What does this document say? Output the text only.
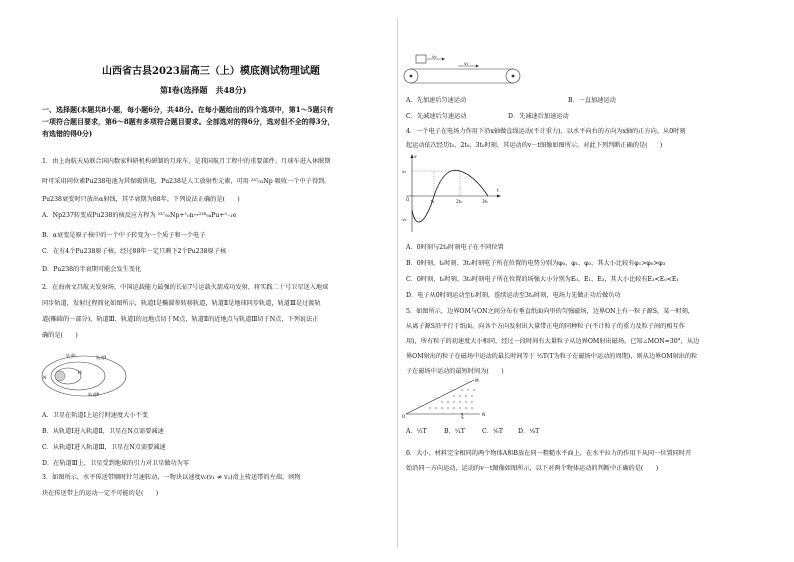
山西省古县2023届高三（上）模底测试物理试题
第Ⅰ卷(选择题　共48分)
一、选择题(本题共8小题，每小题6分，共48分。在每小题给出的四个选项中，第1～5题只有
一项符合题目要求，第6～8题有多项符合题目要求。全部选对的得6分，选对但不全的得3分，
有选错的得0分)
1．由上海航天局联合国内数家科研机构研制的月球车，是我国航月工程中的重要部件。月球车进入休眠期
时可采用同位素Pu238电池为其保暖供电，Pu238是人工放射性元素，可用 ²³⁷₉₃Np 吸收一个中子得到。
Pu238衰变时只放出α射线，其半衰期为88年，下列说法正确的是(　　)
A．Np237转变成Pu238的核反应方程为 ²³⁷₉₃Np+¹₀n→²³⁸₉₄Pu+⁰₋₁e
B．α衰变是原子核中的一个中子转变为一个质子和一个电子
C．在有4个Pu238原子核，经过88年一定只剩下2个Pu238原子核
D．Pu238的半衰期可能会发生变化
2．在海南文昌航天发射场，中国运载能力最强的长征7号运载火箭成功发射，将实践二十号卫星送入地球
同步轨道，发射过程简化如图所示，轨道Ⅰ是椭圆参转移轨道，轨道Ⅱ是地球同步轨道，轨道Ⅲ是过渡轨
道(椭圆的一部分)，轨道Ⅲ、轨道Ⅰ的远地点切于M点，轨道Ⅱ的近地点与轨道Ⅲ切于N点，下列说法正
确的是(　　)
轨道Ⅰ	轨道Ⅱ
轨道Ⅲ
M
N
A．卫星在轨道Ⅰ上运行时速度大小不变
B．从轨道Ⅰ进入轨道Ⅱ，卫星在N点需要减速
C．从轨道Ⅰ进入轨道Ⅲ，卫星在N点需要减速
D．在轨道Ⅲ上，卫星受到地球的引力对卫星做功为零
3．如图所示，水平传送带顺时针匀速转动，一物块以速度v₀(v₁ ≠ v₂)滑上传送带的左端，则物
块在传送带上的运动一定不可能的是(　　)
v₀
v₁
A．先加速后匀速运动	B．一直加速运动
C．先减速后匀速运动	D．先减速后加速运动
4．一个电子在电场力作用下沿x轴做直线运动(不计重力)，以水平向右的方向为x轴的正方向，从0时刻
起运动依次经历t₀、2t₀、3t₀时刻，其运动的v－t图像如图所示。对此下列判断正确的是(　　)
v
t
v₀
-v₀
O	t₀	2t₀	3t₀
A．0时刻与2t₀时刻电子在不同位置
B．0时刻、t₀时刻、3t₀时刻电子所在位置的电势分别为φ₀、φ₁、φ₃，其大小比较有φ₁>φ₀>φ₃
C．0时刻、t₀时刻、3t₀时刻电子所在位置的场强大小分别为E₀、E₁、E₃，其大小比较有E₃<E₀<E₁
D．电子从0时刻运动至t₀时刻，连续运动至3t₀时刻，电场力先做正功后做负功
5．如图所示，边界OM与ON之间分布有垂直纸面向里的匀强磁场，边界ON上有一粒子源S。某一时刻，
从离子源S沿平行于纸面，向各个方向发射出大量带正电的同种粒子(不计粒子的重力及粒子间的相互作
用)，所有粒子的初速度大小相同，经过一段时间有大量粒子从边界OM射出磁场。已知∠MON=30°，从边
界OM射出的粒子在磁场中运动的最长时间等于 ²⁄₃T(T为粒子在磁场中运动的周期)，则从边界OM射出的粒
子在磁场中运动的最短时间为(　　)
M
N
O	S
A．¹⁄₃T	B．¹⁄₄T	C．¹⁄₆T D．¹⁄₈T
6．大小、材料完全相同的两个物体A和B放在同一粗糙水平面上，在水平拉力的作用下从同一位置同时开
始沿同一方向运动，运动的v－t图像如图所示，以下对两个物体运动的判断中正确的是(　　)
